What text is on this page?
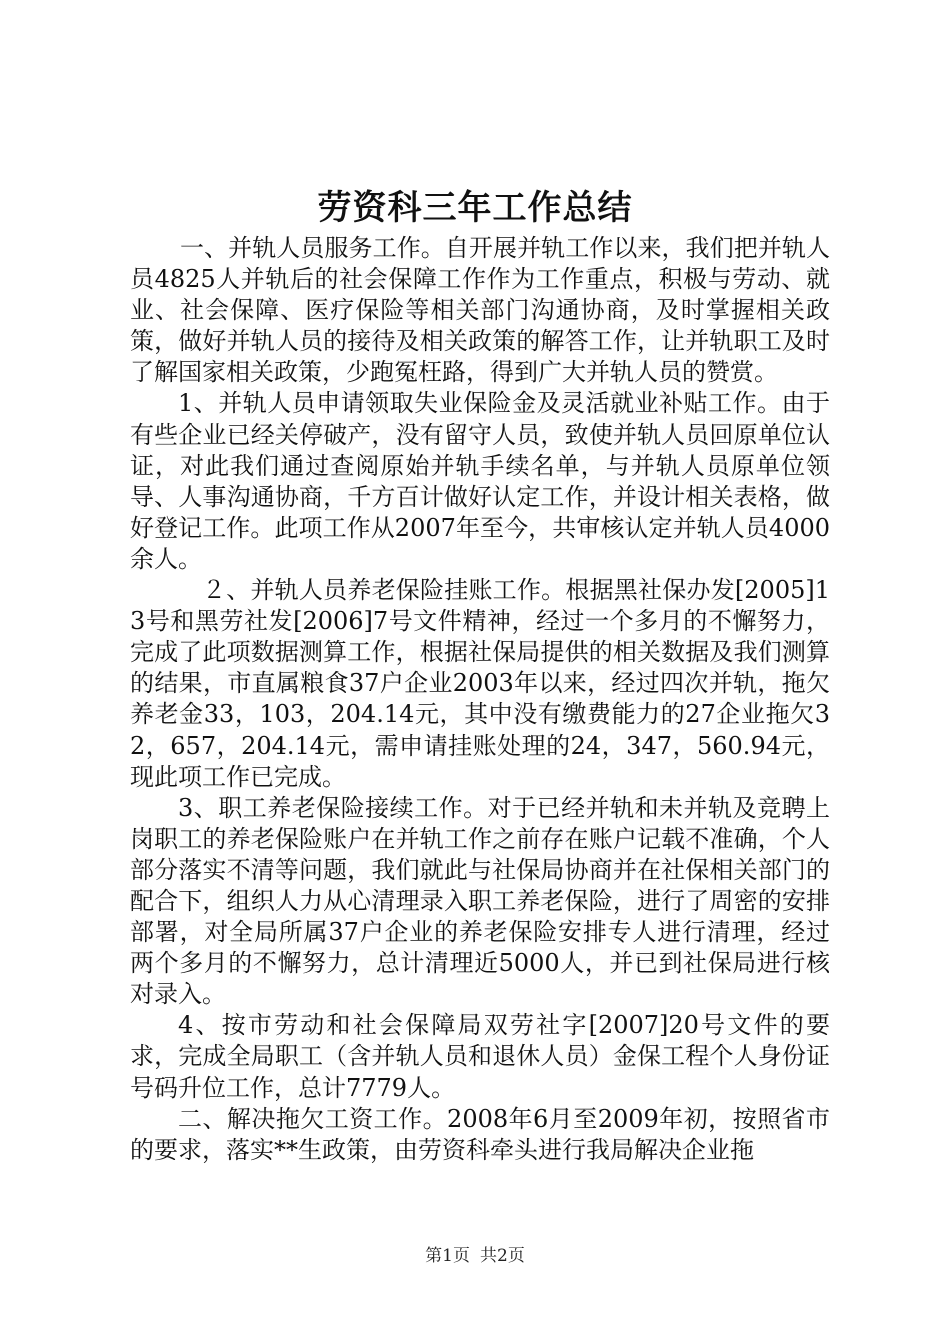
劳资科三年工作总结

一、并轨人员服务工作。自开展并轨工作以来，我们把并轨人员4825人并轨后的社会保障工作作为工作重点，积极与劳动、就业、社会保障、医疗保险等相关部门沟通协商，及时掌握相关政策，做好并轨人员的接待及相关政策的解答工作，让并轨职工及时了解国家相关政策，少跑冤枉路，得到广大并轨人员的赞赏。

1、并轨人员申请领取失业保险金及灵活就业补贴工作。由于有些企业已经关停破产，没有留守人员，致使并轨人员回原单位认证，对此我们通过查阅原始并轨手续名单，与并轨人员原单位领导、人事沟通协商，千方百计做好认定工作，并设计相关表格，做好登记工作。此项工作从2007年至今，共审核认定并轨人员4000余人。

２、并轨人员养老保险挂账工作。根据黑社保办发[2005]13号和黑劳社发[2006]7号文件精神，经过一个多月的不懈努力，完成了此项数据测算工作，根据社保局提供的相关数据及我们测算的结果，市直属粮食37户企业2003年以来，经过四次并轨，拖欠养老金33，103，204.14元，其中没有缴费能力的27企业拖欠32，657，204.14元，需申请挂账处理的24，347，560.94元，现此项工作已完成。

3、职工养老保险接续工作。对于已经并轨和未并轨及竞聘上岗职工的养老保险账户在并轨工作之前存在账户记载不准确，个人部分落实不清等问题，我们就此与社保局协商并在社保相关部门的配合下，组织人力从心清理录入职工养老保险，进行了周密的安排部署，对全局所属37户企业的养老保险安排专人进行清理，经过两个多月的不懈努力，总计清理近5000人，并已到社保局进行核对录入。

4、按市劳动和社会保障局双劳社字[2007]20号文件的要求，完成全局职工（含并轨人员和退休人员）金保工程个人身份证号码升位工作，总计7779人。

二、解决拖欠工资工作。2008年6月至2009年初，按照省市的要求，落实**生政策，由劳资科牵头进行我局解决企业拖

第1页 共2页
